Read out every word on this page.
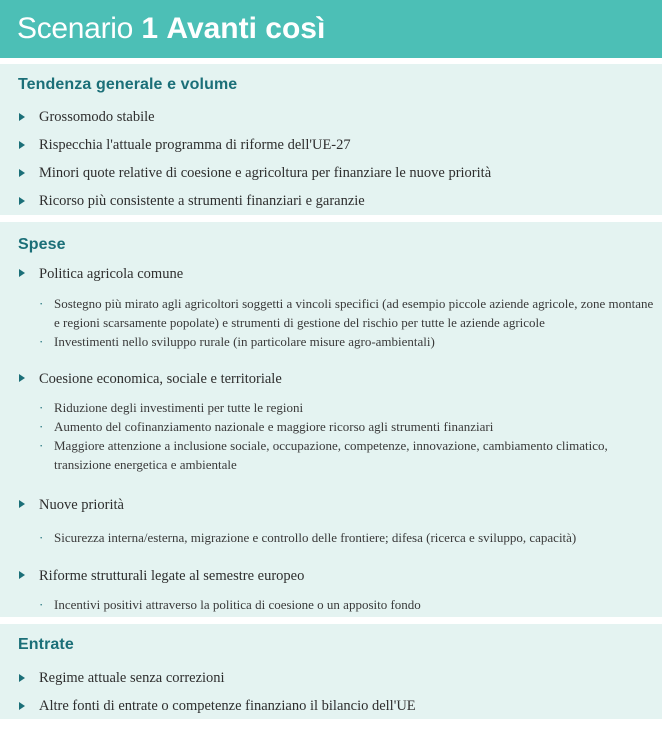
Scenario 1 Avanti così
Tendenza generale e volume
Grossomodo stabile
Rispecchia l'attuale programma di riforme dell'UE-27
Minori quote relative di coesione e agricoltura per finanziare le nuove priorità
Ricorso più consistente a strumenti finanziari e garanzie
Spese
Politica agricola comune
· Sostegno più mirato agli agricoltori soggetti a vincoli specifici (ad esempio piccole aziende agricole, zone montane e regioni scarsamente popolate) e strumenti di gestione del rischio per tutte le aziende agricole
· Investimenti nello sviluppo rurale (in particolare misure agro-ambientali)
Coesione economica, sociale e territoriale
· Riduzione degli investimenti per tutte le regioni
· Aumento del cofinanziamento nazionale e maggiore ricorso agli strumenti finanziari
· Maggiore attenzione a inclusione sociale, occupazione, competenze, innovazione, cambiamento climatico, transizione energetica e ambientale
Nuove priorità
· Sicurezza interna/esterna, migrazione e controllo delle frontiere; difesa (ricerca e sviluppo, capacità)
Riforme strutturali legate al semestre europeo
· Incentivi positivi attraverso la politica di coesione o un apposito fondo
Entrate
Regime attuale senza correzioni
Altre fonti di entrate o competenze finanziano il bilancio dell'UE
